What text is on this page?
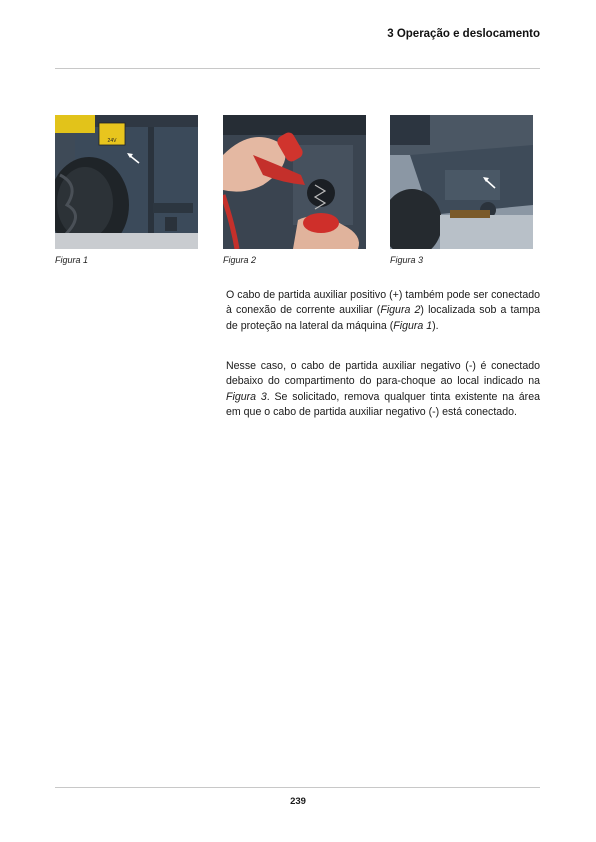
3 Operação e deslocamento
24V
Figura 1	Figura 2	Figura 3
O cabo de partida auxiliar positivo (+) também pode ser conectado à conexão de corrente auxiliar (Figura 2) localizada sob a tampa de proteção na lateral da máquina (Figura 1).
Nesse caso, o cabo de partida auxiliar negativo (-) é conectado debaixo do compartimento do para-choque ao local indicado na Figura 3. Se solicitado, remova qualquer tinta existente na área em que o cabo de partida auxiliar negativo (-) está conectado.
239
